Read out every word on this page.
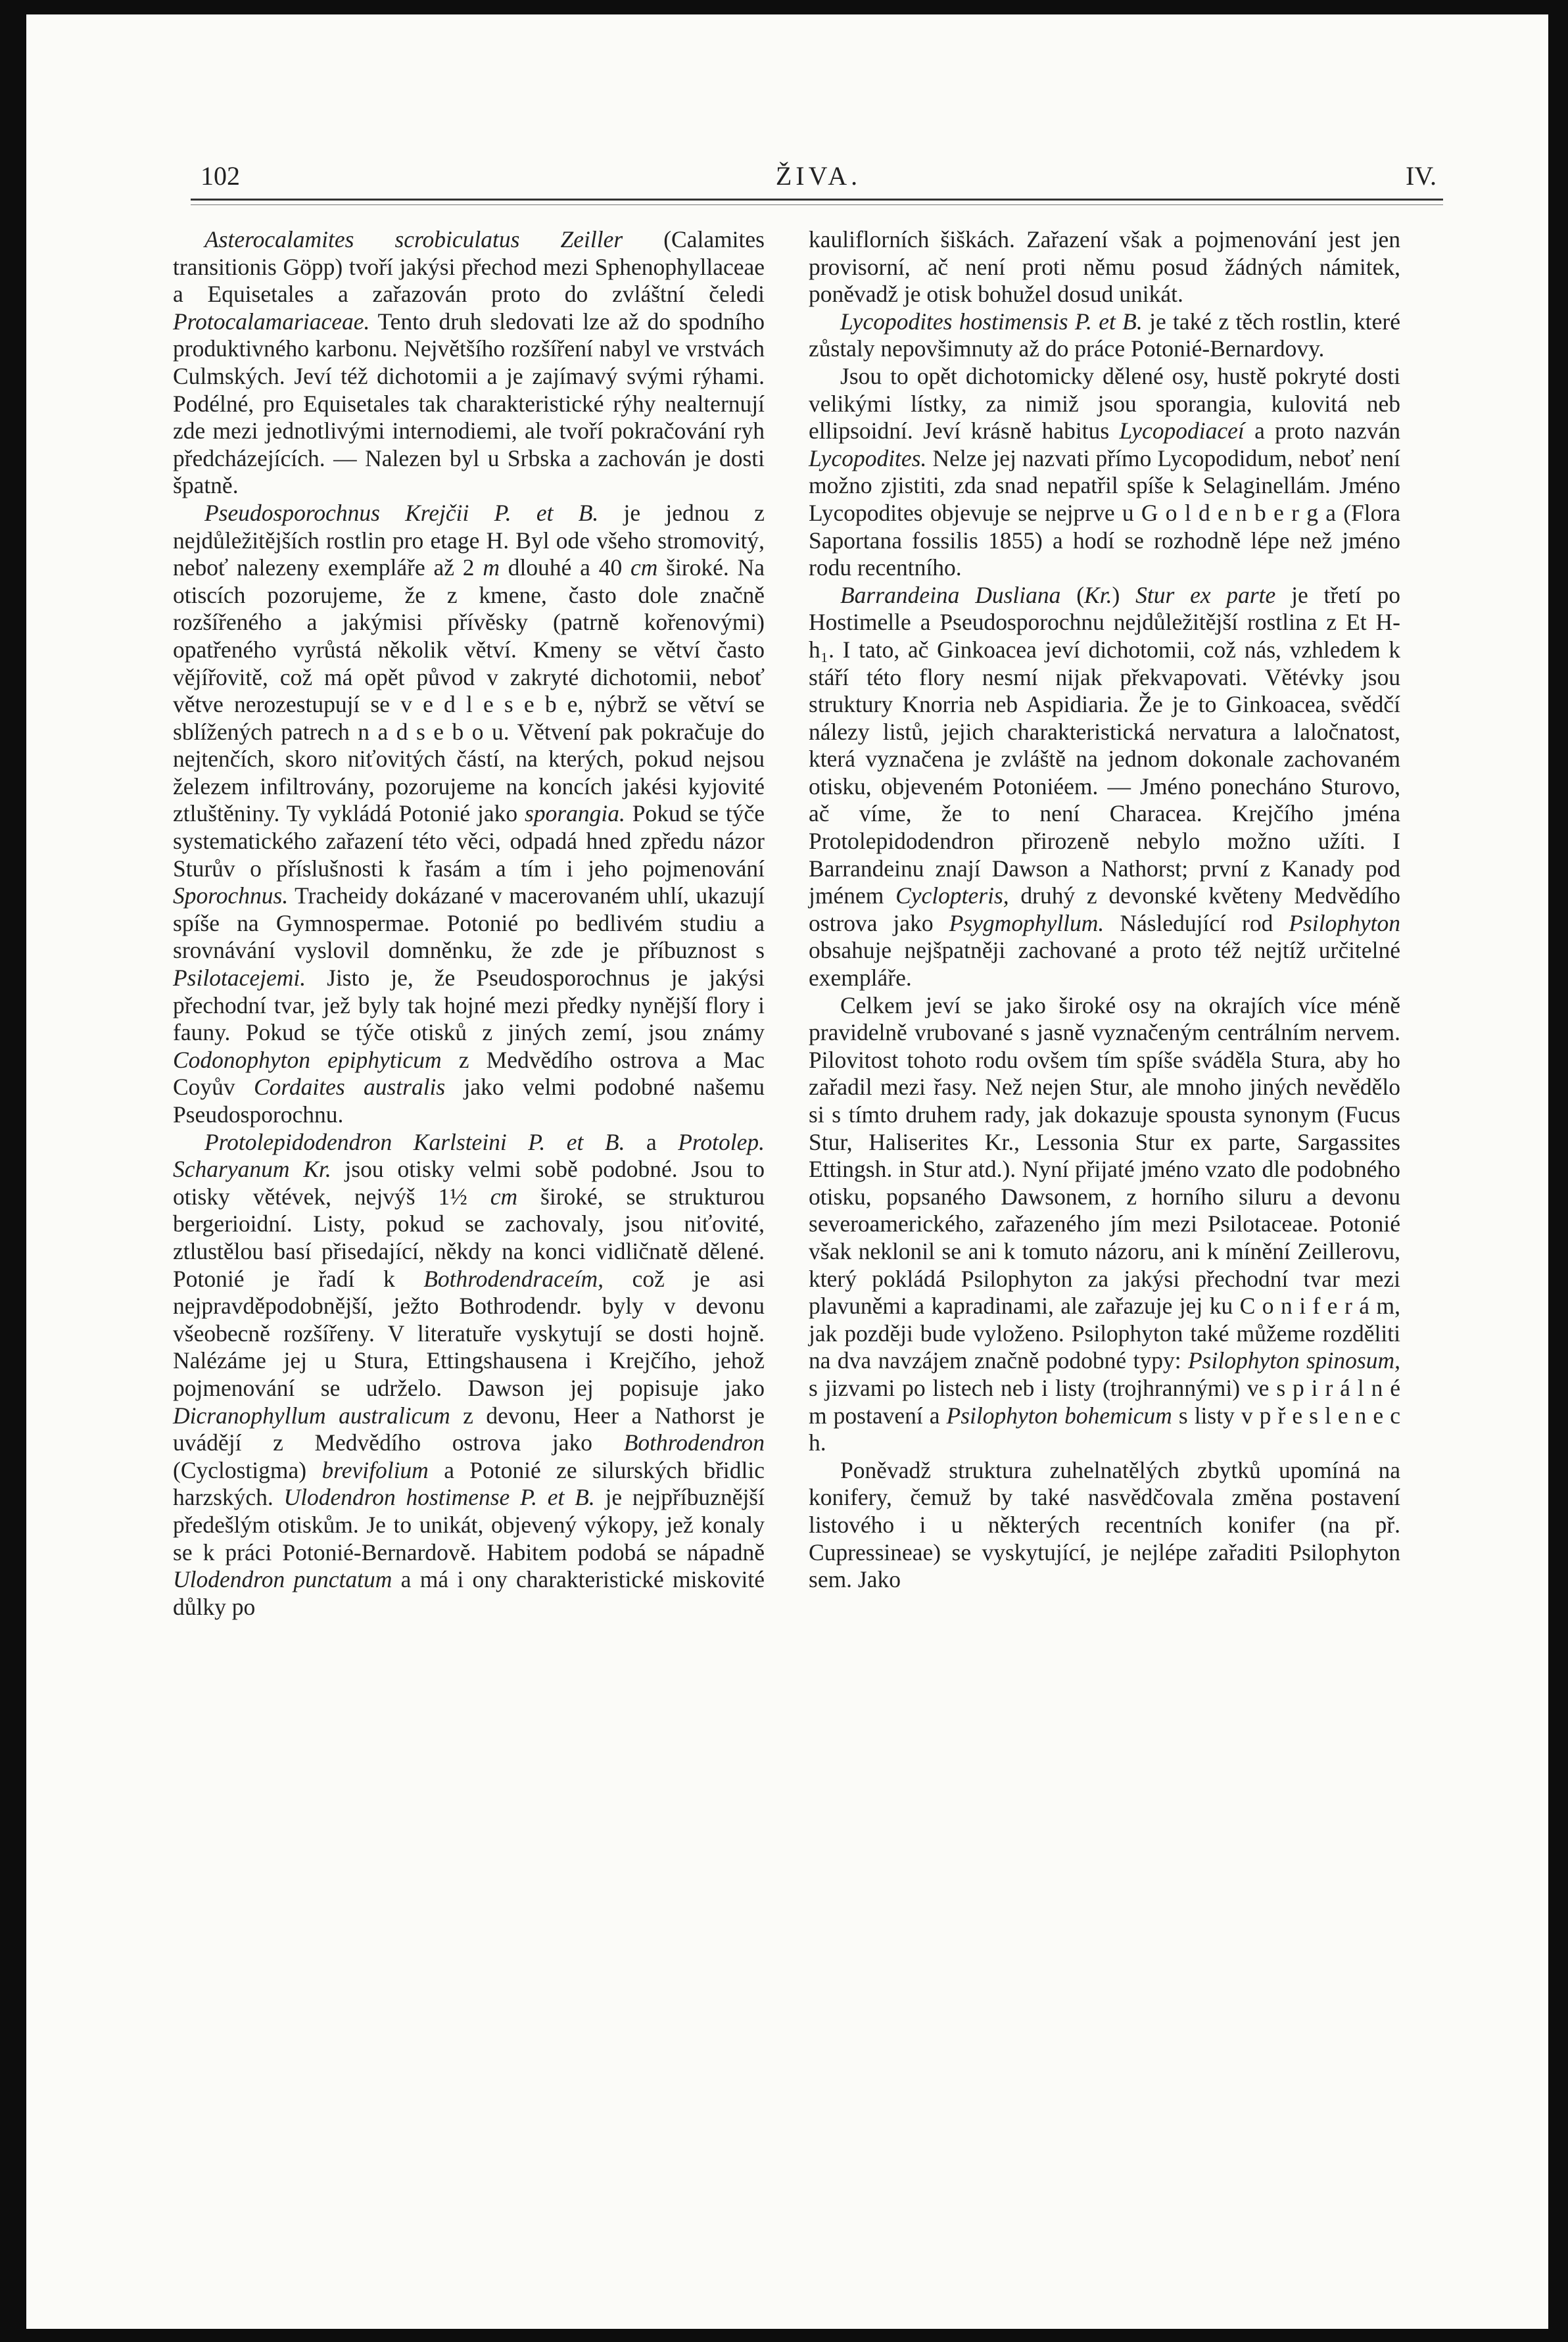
102	ŽIVA.	IV.

Asterocalamites scrobiculatus Zeiller (Calamites transitionis Göpp) tvoří jakýsi přechod mezi Sphenophyllaceae a Equisetales a zařazován proto do zvláštní čeledi Protocalamariaceae. Tento druh sledovati lze až do spodního produktivného karbonu. Největšího rozšíření nabyl ve vrstvách Culmských. Jeví též dichotomii a je zajímavý svými rýhami. Podélné, pro Equisetales tak charakteristické rýhy nealternují zde mezi jednotlivými internodiemi, ale tvoří pokračování ryh předcházejících. — Nalezen byl u Srbska a zachován je dosti špatně.

Pseudosporochnus Krejčii P. et B. je jednou z nejdůležitějších rostlin pro etage H. Byl ode všeho stromovitý, neboť nalezeny exempláře až 2 m dlouhé a 40 cm široké. Na otiscích pozorujeme, že z kmene, často dole značně rozšířeného a jakýmisi přívěsky (patrně kořenovými) opatřeného vyrůstá několik větví. Kmeny se větví často vějířovitě, což má opět původ v zakryté dichotomii, neboť větve nerozestupují se v e d l e s e b e, nýbrž se větví se sblížených patrech n a d s e b o u. Větvení pak pokračuje do nejtenčích, skoro niťovitých částí, na kterých, pokud nejsou železem infiltrovány, pozorujeme na koncích jakési kyjovité ztluštěniny. Ty vykládá Potonié jako sporangia. Pokud se týče systematického zařazení této věci, odpadá hned zpředu názor Sturův o příslušnosti k řasám a tím i jeho pojmenování Sporochnus. Tracheidy dokázané v macerovaném uhlí, ukazují spíše na Gymnospermae. Potonié po bedlivém studiu a srovnávání vyslovil domněnku, že zde je příbuznost s Psilotacejemi. Jisto je, že Pseudosporochnus je jakýsi přechodní tvar, jež byly tak hojné mezi předky nynější flory i fauny. Pokud se týče otisků z jiných zemí, jsou známy Codonophyton epiphyticum z Medvědího ostrova a Mac Coyův Cordaites australis jako velmi podobné našemu Pseudosporochnu.

Protolepidodendron Karlsteini P. et B. a Protolep. Scharyanum Kr. jsou otisky velmi sobě podobné. Jsou to otisky větévek, nejvýš 1½ cm široké, se strukturou bergerioidní. Listy, pokud se zachovaly, jsou niťovité, ztlustělou basí přisedající, někdy na konci vidličnatě dělené. Potonié je řadí k Bothrodendraceím, což je asi nejpravděpodobnější, ježto Bothrodendr. byly v devonu všeobecně rozšířeny. V literatuře vyskytují se dosti hojně. Nalézáme jej u Stura, Ettingshausena i Krejčího, jehož pojmenování se udrželo. Dawson jej popisuje jako Dicranophyllum australicum z devonu, Heer a Nathorst je uvádějí z Medvědího ostrova jako Bothrodendron (Cyclostigma) brevifolium a Potonié ze silurských břidlic harzských. Ulodendron hostimense P. et B. je nejpříbuznější předešlým otiskům. Je to unikát, objevený výkopy, jež konaly se k práci Potonié-Bernardově. Habitem podobá se nápadně Ulodendron punctatum a má i ony charakteristické miskovité důlky po

kauliflorních šiškách. Zařazení však a pojmenování jest jen provisorní, ač není proti němu posud žádných námitek, poněvadž je otisk bohužel dosud unikát.

Lycopodites hostimensis P. et B. je také z těch rostlin, které zůstaly nepovšimnuty až do práce Potonié-Bernardovy.

Jsou to opět dichotomicky dělené osy, hustě pokryté dosti velikými lístky, za nimiž jsou sporangia, kulovitá neb ellipsoidní. Jeví krásně habitus Lycopodiaceí a proto nazván Lycopodites. Nelze jej nazvati přímo Lycopodidum, neboť není možno zjistiti, zda snad nepatřil spíše k Selaginellám. Jméno Lycopodites objevuje se nejprve u G o l d e n b e r g a (Flora Saportana fossilis 1855) a hodí se rozhodně lépe než jméno rodu recentního.

Barrandeina Dusliana (Kr.) Stur ex parte je třetí po Hostimelle a Pseudosporochnu nejdůležitější rostlina z Et H-h₁. I tato, ač Ginkoacea jeví dichotomii, což nás, vzhledem k stáří této flory nesmí nijak překvapovati. Větévky jsou struktury Knorria neb Aspidiaria. Že je to Ginkoacea, svědčí nálezy listů, jejich charakteristická nervatura a laločnatost, která vyznačena je zvláště na jednom dokonale zachovaném otisku, objeveném Potoniéem. — Jméno ponecháno Sturovo, ač víme, že to není Characea. Krejčího jména Protolepidodendron přirozeně nebylo možno užíti. I Barrandeinu znají Dawson a Nathorst; první z Kanady pod jménem Cyclopteris, druhý z devonské květeny Medvědího ostrova jako Psygmophyllum. Následující rod Psilophyton obsahuje nejšpatněji zachované a proto též nejtíž určitelné exempláře.

Celkem jeví se jako široké osy na okrajích více méně pravidelně vrubované s jasně vyznačeným centrálním nervem. Pilovitost tohoto rodu ovšem tím spíše sváděla Stura, aby ho zařadil mezi řasy. Než nejen Stur, ale mnoho jiných nevědělo si s tímto druhem rady, jak dokazuje spousta synonym (Fucus Stur, Haliserites Kr., Lessonia Stur ex parte, Sargassites Ettingsh. in Stur atd.). Nyní přijaté jméno vzato dle podobného otisku, popsaného Dawsonem, z horního siluru a devonu severoamerického, zařazeného jím mezi Psilotaceae. Potonié však neklonil se ani k tomuto názoru, ani k mínění Zeillerovu, který pokládá Psilophyton za jakýsi přechodní tvar mezi plavuněmi a kapradinami, ale zařazuje jej ku C o n i f e r á m, jak později bude vyloženo. Psilophyton také můžeme rozděliti na dva navzájem značně podobné typy: Psilophyton spinosum, s jizvami po listech neb i listy (trojhrannými) ve s p i r á l n é m postavení a Psilophyton bohemicum s listy v p ř e s l e n e c h.

Poněvadž struktura zuhelnatělých zbytků upomíná na konifery, čemuž by také nasvědčovala změna postavení listového i u některých recentních konifer (na př. Cupressineae) se vyskytující, je nejlépe zařaditi Psilophyton sem. Jako
